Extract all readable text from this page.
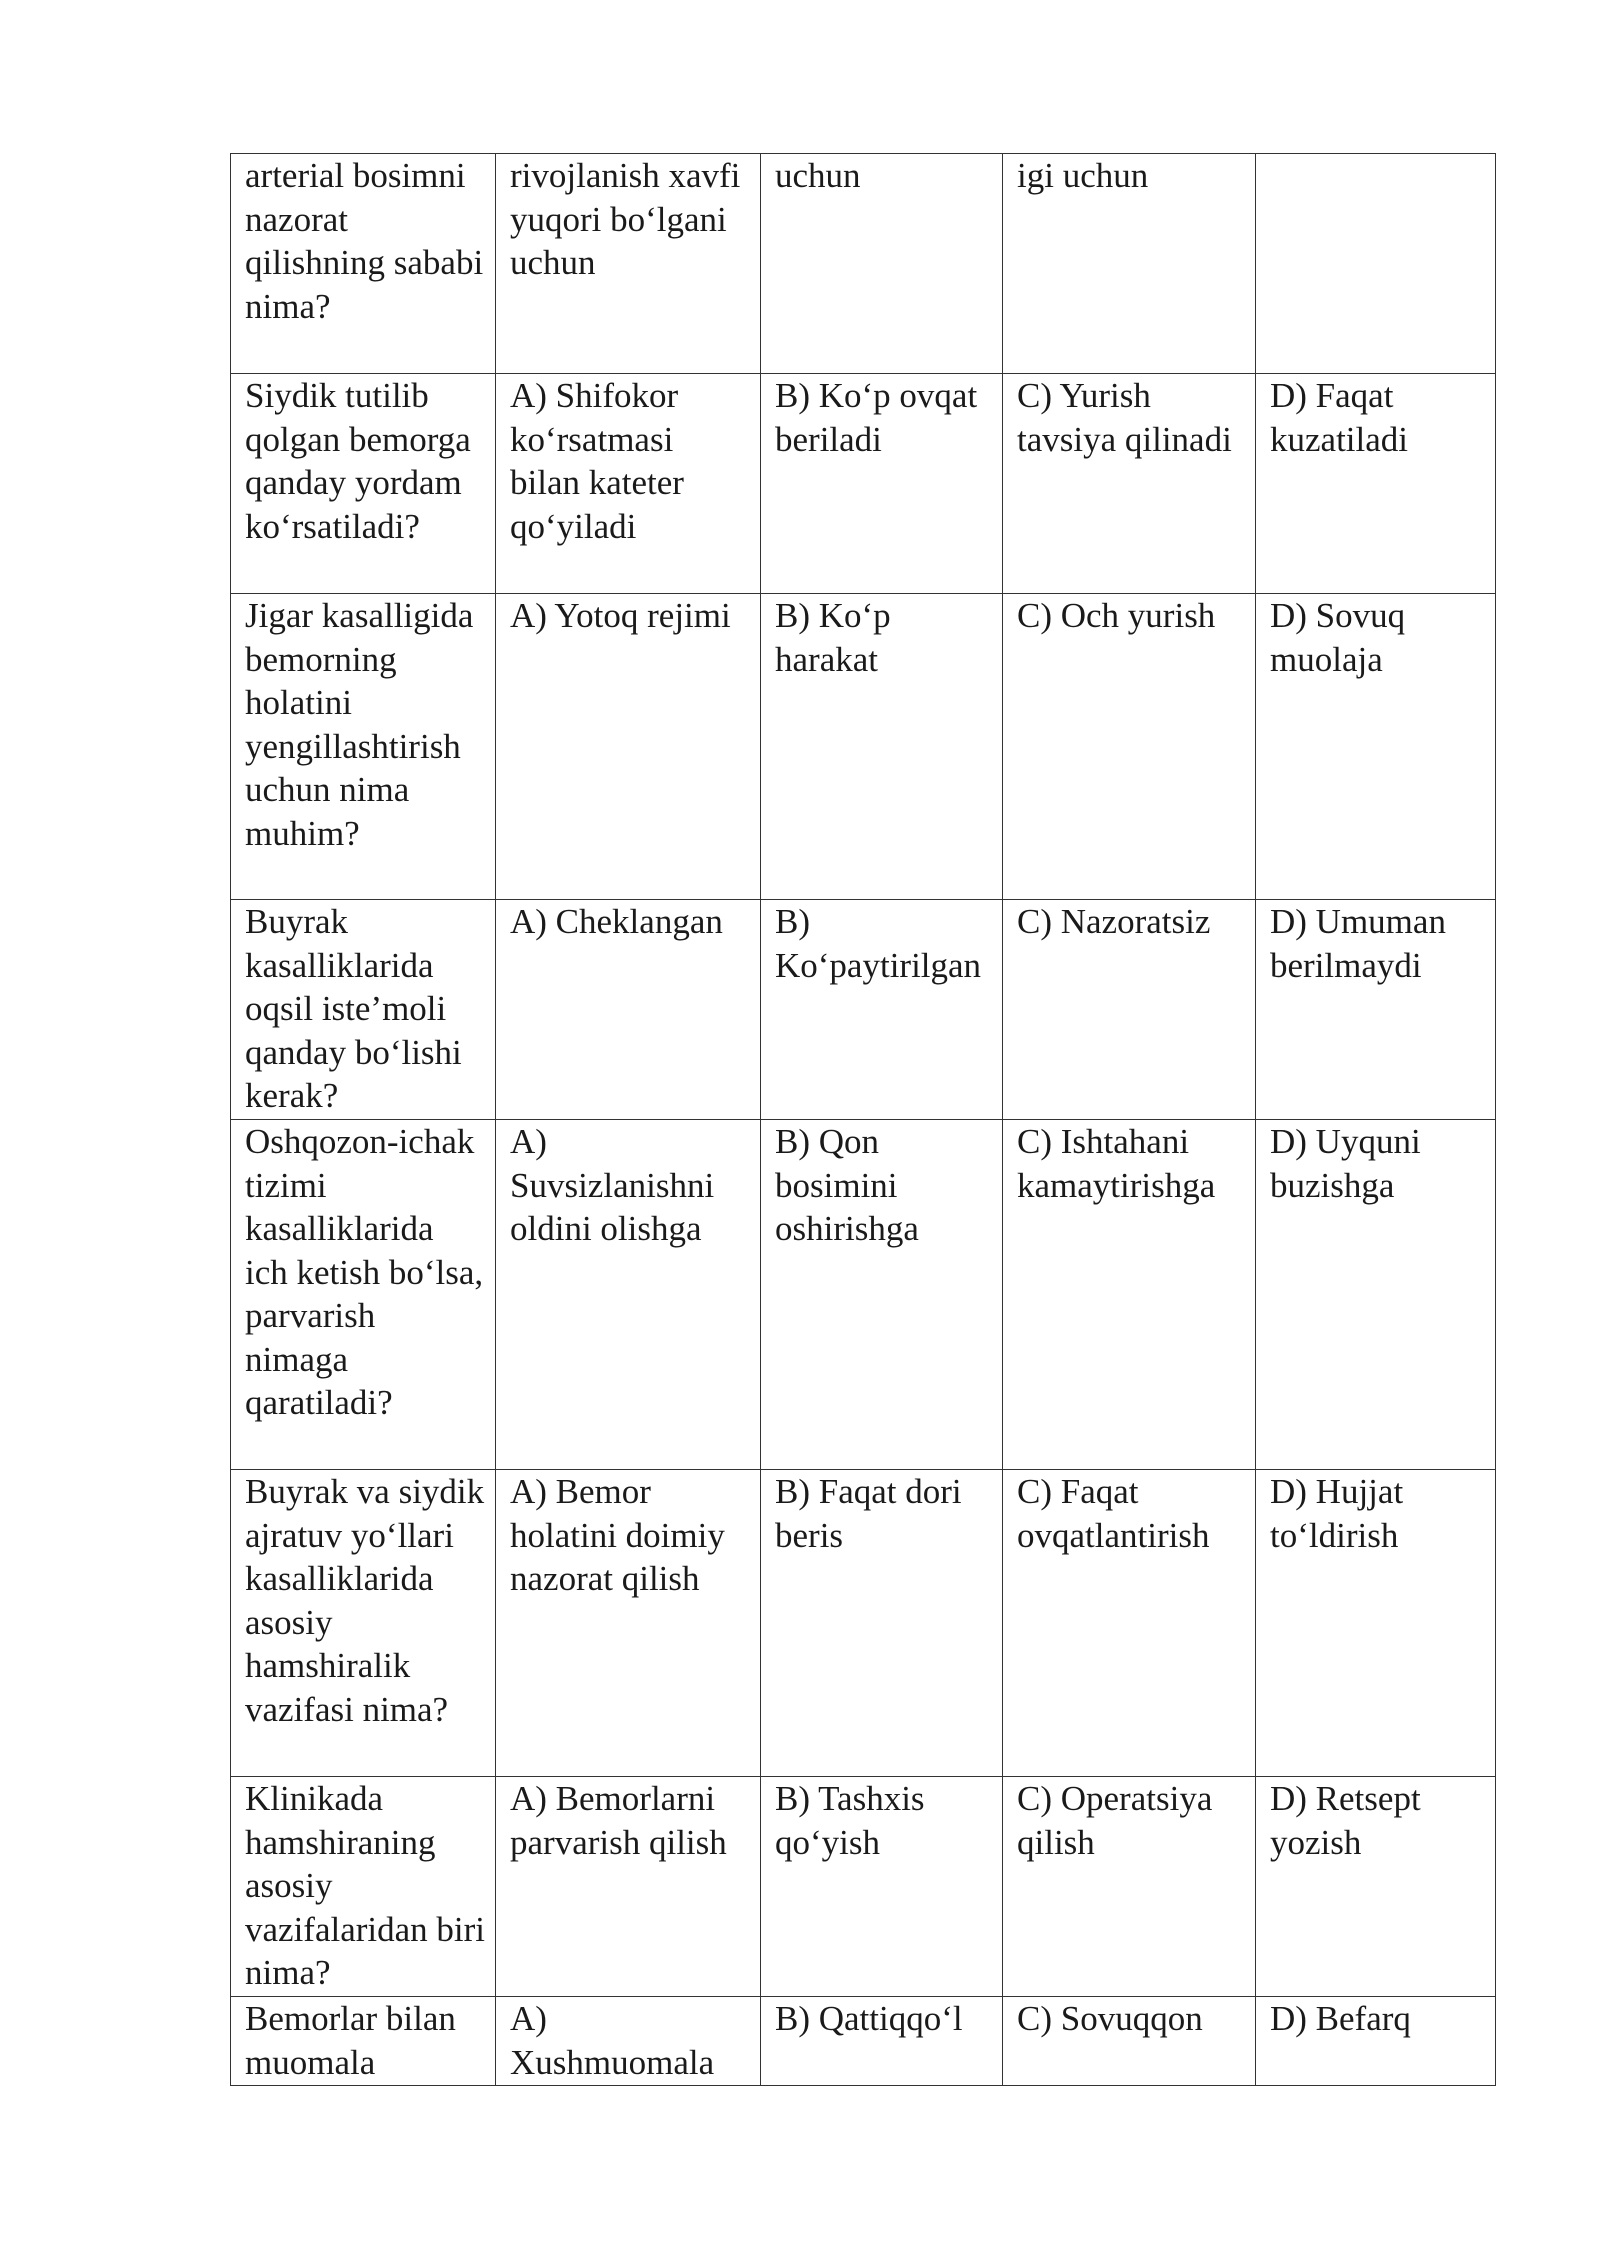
arterial bosimni nazorat qilishning sababi nima?	rivojlanish xavfi yuqori bo‘lgani uchun	uchun	igi uchun	
Siydik tutilib qolgan bemorga qanday yordam ko‘rsatiladi?	A) Shifokor ko‘rsatmasi bilan kateter qo‘yiladi	B) Ko‘p ovqat beriladi	C) Yurish tavsiya qilinadi	D) Faqat kuzatiladi
Jigar kasalligida bemorning holatini yengillashtirish uchun nima muhim?	A) Yotoq rejimi	B) Ko‘p harakat	C) Och yurish	D) Sovuq muolaja
Buyrak kasalliklarida oqsil iste’moli qanday bo‘lishi kerak?	A) Cheklangan	B) Ko‘paytirilgan	C) Nazoratsiz	D) Umuman berilmaydi
Oshqozon-ichak tizimi kasalliklarida ich ketish bo‘lsa, parvarish nimaga qaratiladi?	A) Suvsizlanishni oldini olishga	B) Qon bosimini oshirishga	C) Ishtahani kamaytirishga	D) Uyquni buzishga
Buyrak va siydik ajratuv yo‘llari kasalliklarida asosiy hamshiralik vazifasi nima?	A) Bemor holatini doimiy nazorat qilish	B) Faqat dori beris	C) Faqat ovqatlantirish	D) Hujjat to‘ldirish
Klinikada hamshiraning asosiy vazifalaridan biri nima?	A) Bemorlarni parvarish qilish	B) Tashxis qo‘yish	C) Operatsiya qilish	D) Retsept yozish
Bemorlar bilan muomala	A) Xushmuomala	B) Qattiqqo‘l	C) Sovuqqon	D) Befarq
